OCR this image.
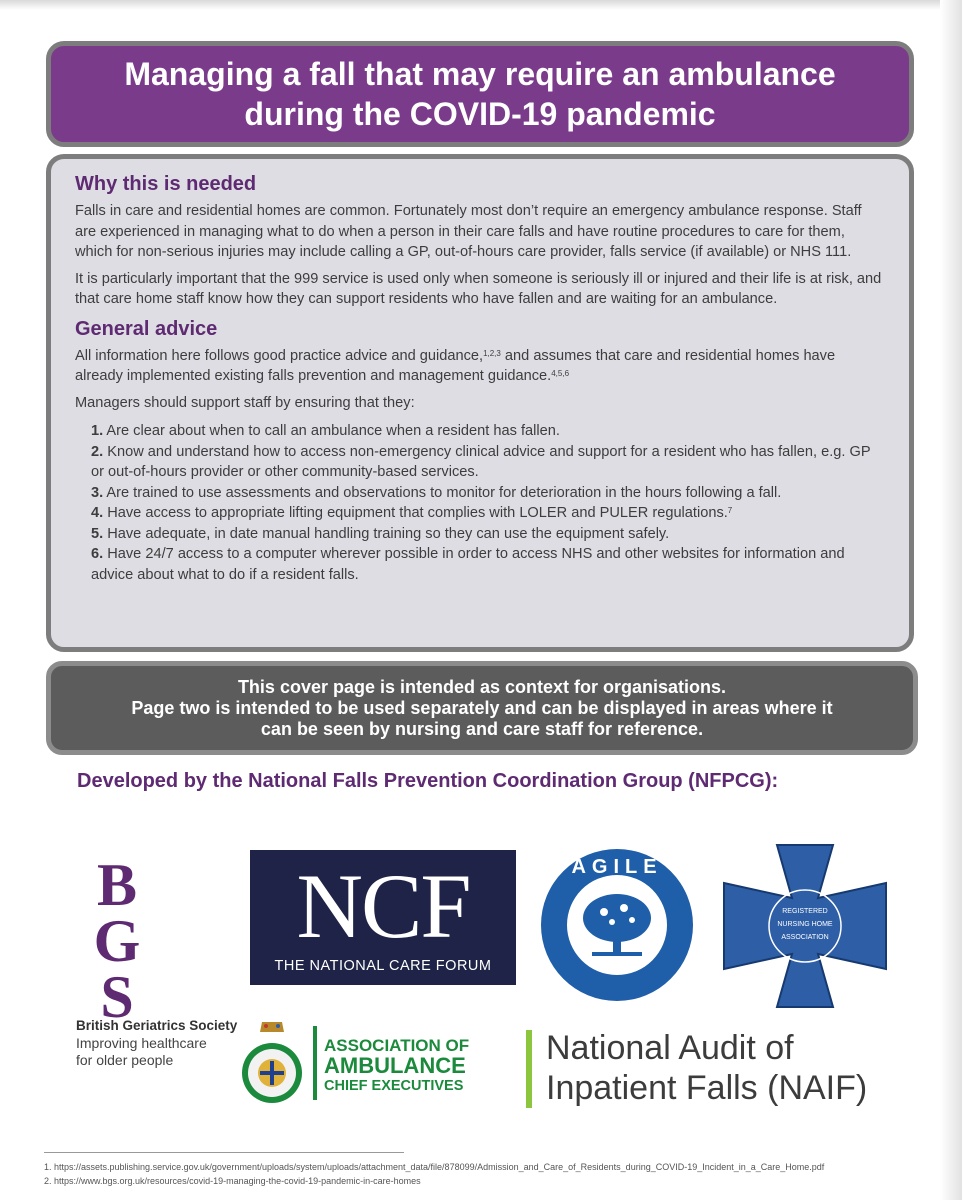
Managing a fall that may require an ambulance
during the COVID-19 pandemic
Why this is needed
Falls in care and residential homes are common. Fortunately most don’t require an emergency ambulance response. Staff are experienced in managing what to do when a person in their care falls and have routine procedures to care for them, which for non-serious injuries may include calling a GP, out-of-hours care provider, falls service (if available) or NHS 111.
It is particularly important that the 999 service is used only when someone is seriously ill or injured and their life is at risk, and that care home staff know how they can support residents who have fallen and are waiting for an ambulance.
General advice
All information here follows good practice advice and guidance,$^{1,2,3}$ and assumes that care and residential homes have already implemented existing falls prevention and management guidance.$^{4,5,6}$
Managers should support staff by ensuring that they:
1. Are clear about when to call an ambulance when a resident has fallen.
2. Know and understand how to access non-emergency clinical advice and support for a resident who has fallen, e.g. GP or out-of-hours provider or other community-based services.
3. Are trained to use assessments and observations to monitor for deterioration in the hours following a fall.
4. Have access to appropriate lifting equipment that complies with LOLER and PULER regulations.$^7$
5. Have adequate, in date manual handling training so they can use the equipment safely.
6. Have 24/7 access to a computer wherever possible in order to access NHS and other websites for information and advice about what to do if a resident falls.
This cover page is intended as context for organisations.
Page two is intended to be used separately and can be displayed in areas where it
can be seen by nursing and care staff for reference.
Developed by the National Falls Prevention Coordination Group (NFPCG):
BGS
British Geriatrics Society
Improving healthcare
for older people
NCF
THE NATIONAL CARE FORUM
AGILE
REGISTERED
NURSING HOME
ASSOCIATION
ASSOCIATION OF
AMBULANCE
CHIEF EXECUTIVES
National Audit of
Inpatient Falls (NAIF)
1. https://assets.publishing.service.gov.uk/government/uploads/system/uploads/attachment_data/file/878099/Admission_and_Care_of_Residents_during_COVID-19_Incident_in_a_Care_Home.pdf
2. https://www.bgs.org.uk/resources/covid-19-managing-the-covid-19-pandemic-in-care-homes
